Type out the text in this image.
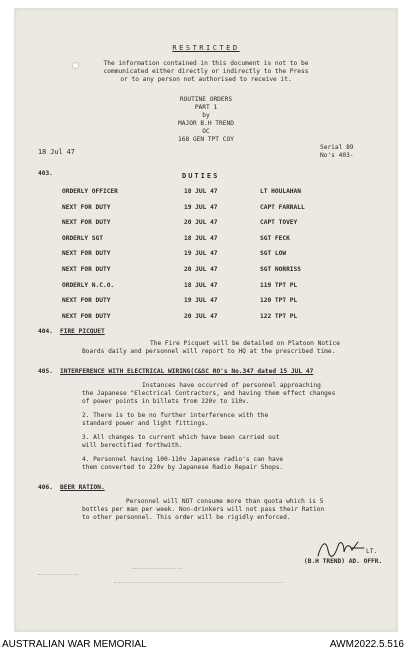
RESTRICTED
The information contained in this document is not to be
communicated either directly or indirectly to the Press
or to any person not authorised to receive it.
ROUTINE ORDERS
PART 1
by
MAJOR B.H TREND
OC
168 GEN TPT COY
18 Jul 47
Serial 89
No's 403-
403.	DUTIES
ORDERLY OFFICER	18 JUL 47	LT HOULAHAN
NEXT FOR DUTY	19 JUL 47	CAPT FARRALL
NEXT FOR DUTY	20 JUL 47	CAPT TOVEY
ORDERLY SGT	18 JUL 47	SGT FECK
NEXT FOR DUTY	19 JUL 47	SGT LOW
NEXT FOR DUTY	20 JUL 47	SGT NORRISS
ORDERLY N.C.O.	18 JUL 47	119 TPT PL
NEXT FOR DUTY	19 JUL 47	120 TPT PL
NEXT FOR DUTY	20 JUL 47	122 TPT PL
404. FIRE PICQUET
The Fire Picquet will be detailed on Platoon Notice
Boards daily and personnel will report to HQ at the prescribed time.
405. INTERFERENCE WITH ELECTRICAL WIRING(C&SC RO's No.347 dated 15 JUL 47
Instances have occurred of personnel approaching
the Japanese "Electrical Contractors, and having them effect changes
of power points in billets from 220v to 110v.
2. There is to be no further interference with the
standard power and light fittings.
3. All changes to current which have been carried out
will berectified forthwith.
4. Personnel having 100-110v Japanese radio's can have
them converted to 220v by Japanese Radio Repair Shops.
406. BEER RATION.
Personnel will NOT consume more than quota which is 5
bottles per man per week. Non-drinkers will not pass their Ration
to other personnel. This order will be rigidly enforced.
LT.
(B.H TREND) AD. OFFR.
AUSTRALIAN WAR MEMORIAL	AWM2022.5.516
